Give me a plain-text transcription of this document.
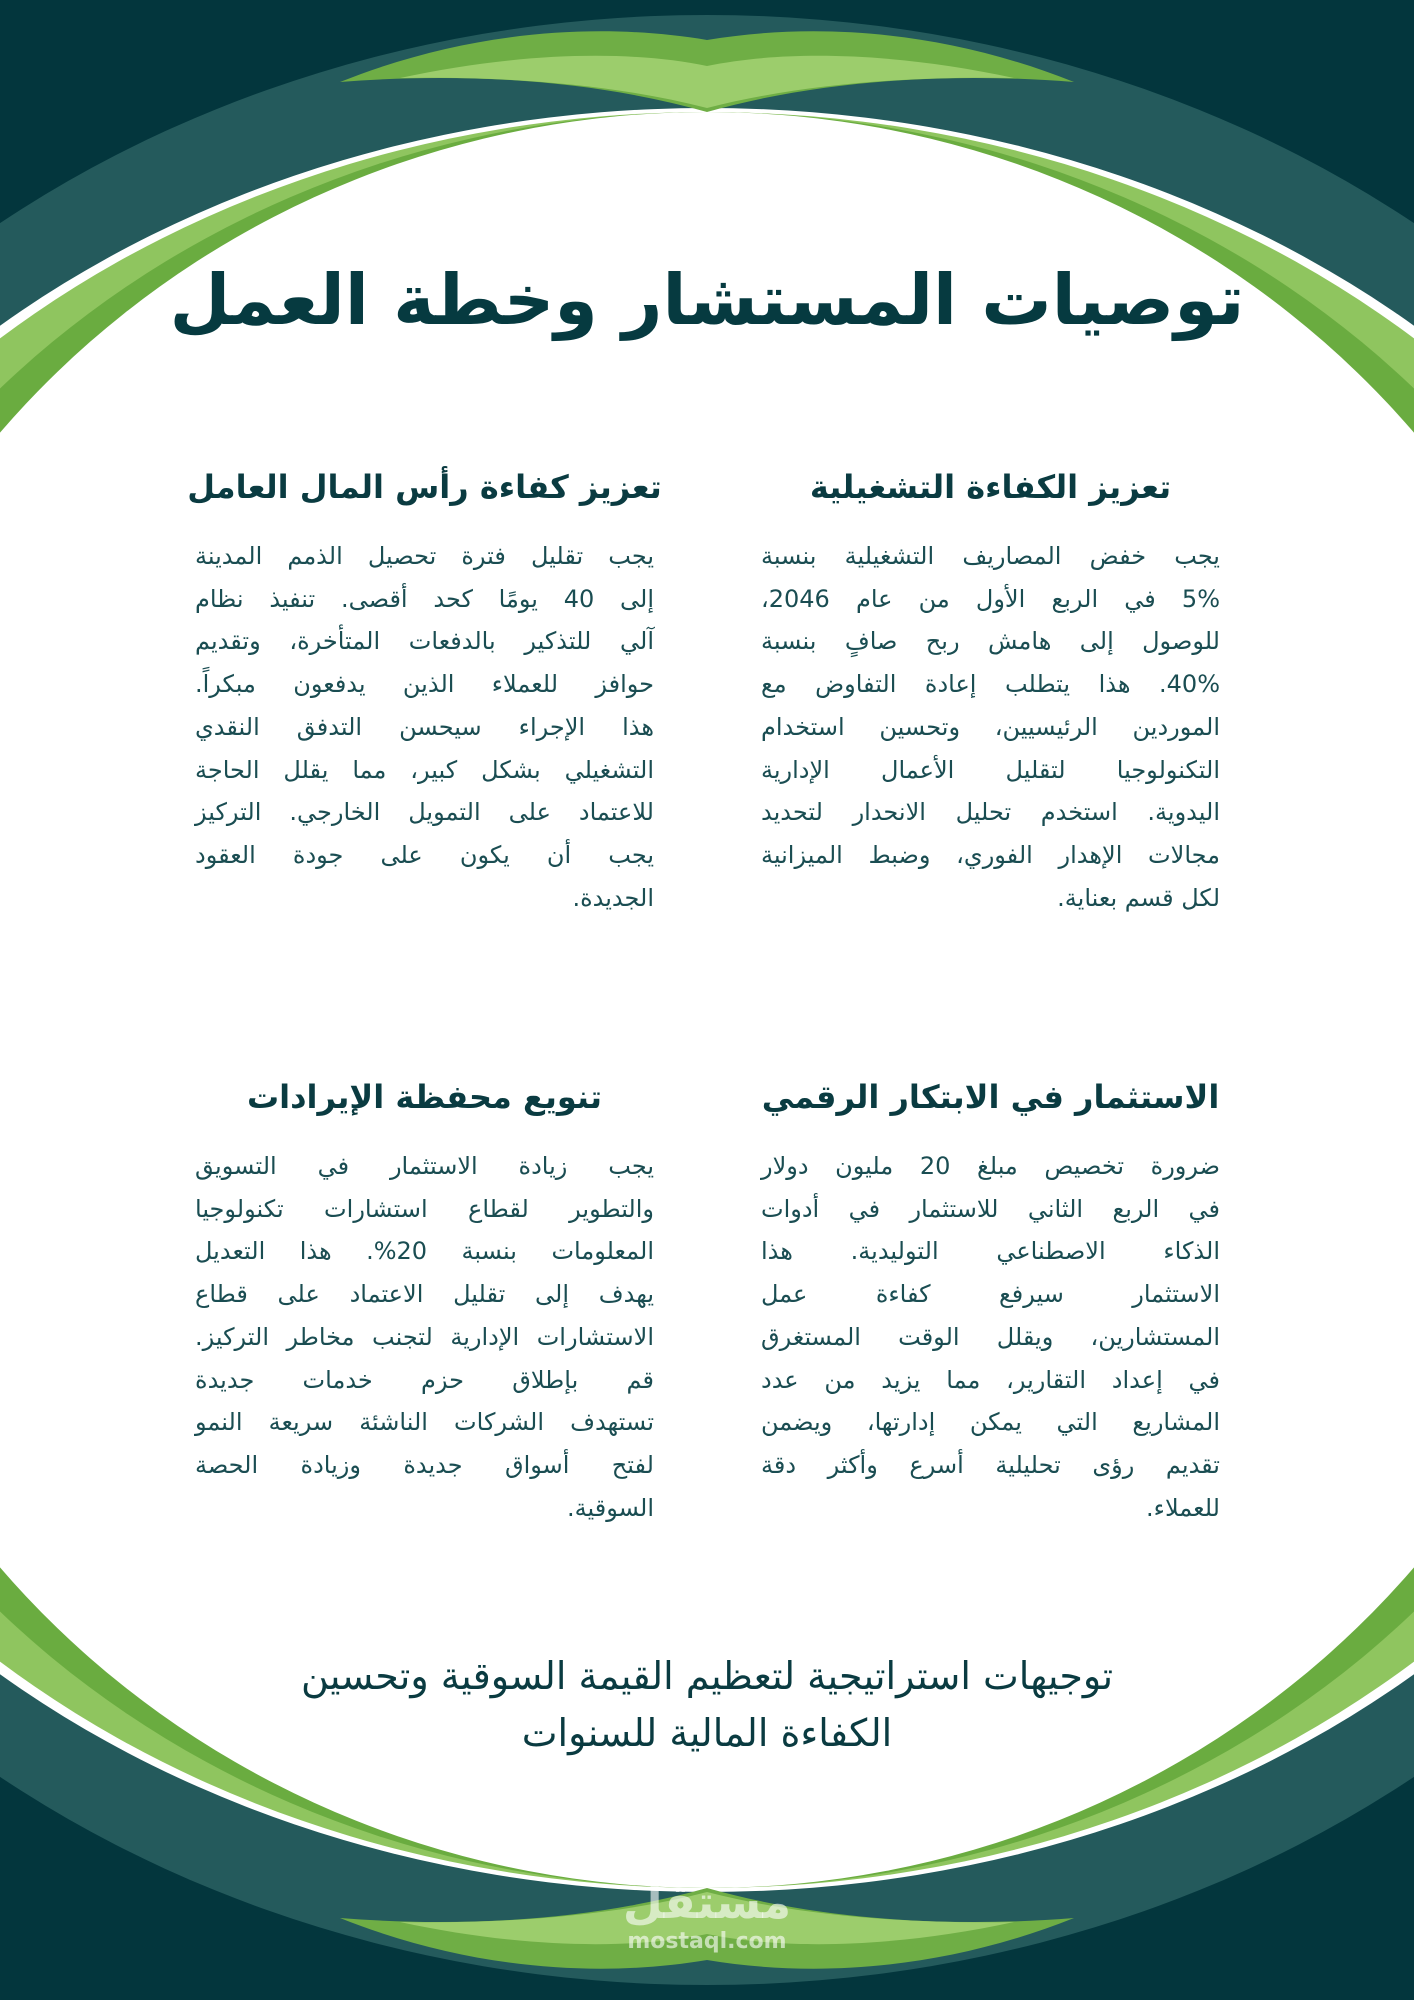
توصيات المستشار وخطة العمل
تعزيز الكفاءة التشغيلية
يجب خفض المصاريف التشغيلية بنسبة
5% في الربع الأول من عام 2046،
للوصول إلى هامش ربح صافٍ بنسبة
40%. هذا يتطلب إعادة التفاوض مع
الموردين الرئيسيين، وتحسين استخدام
التكنولوجيا لتقليل الأعمال الإدارية
اليدوية. استخدم تحليل الانحدار لتحديد
مجالات الإهدار الفوري، وضبط الميزانية
لكل قسم بعناية.
تعزيز كفاءة رأس المال العامل
يجب تقليل فترة تحصيل الذمم المدينة
إلى 40 يومًا كحد أقصى. تنفيذ نظام
آلي للتذكير بالدفعات المتأخرة، وتقديم
حوافز للعملاء الذين يدفعون مبكراً.
هذا الإجراء سيحسن التدفق النقدي
التشغيلي بشكل كبير، مما يقلل الحاجة
للاعتماد على التمويل الخارجي. التركيز
يجب أن يكون على جودة العقود
الجديدة.
الاستثمار في الابتكار الرقمي
ضرورة تخصيص مبلغ 20 مليون دولار
في الربع الثاني للاستثمار في أدوات
الذكاء الاصطناعي التوليدية. هذا
الاستثمار سيرفع كفاءة عمل
المستشارين، ويقلل الوقت المستغرق
في إعداد التقارير، مما يزيد من عدد
المشاريع التي يمكن إدارتها، ويضمن
تقديم رؤى تحليلية أسرع وأكثر دقة
للعملاء.
تنويع محفظة الإيرادات
يجب زيادة الاستثمار في التسويق
والتطوير لقطاع استشارات تكنولوجيا
المعلومات بنسبة 20%. هذا التعديل
يهدف إلى تقليل الاعتماد على قطاع
الاستشارات الإدارية لتجنب مخاطر التركيز.
قم بإطلاق حزم خدمات جديدة
تستهدف الشركات الناشئة سريعة النمو
لفتح أسواق جديدة وزيادة الحصة
السوقية.
توجيهات استراتيجية لتعظيم القيمة السوقية وتحسين
الكفاءة المالية للسنوات
مستقل
mostaql.com
